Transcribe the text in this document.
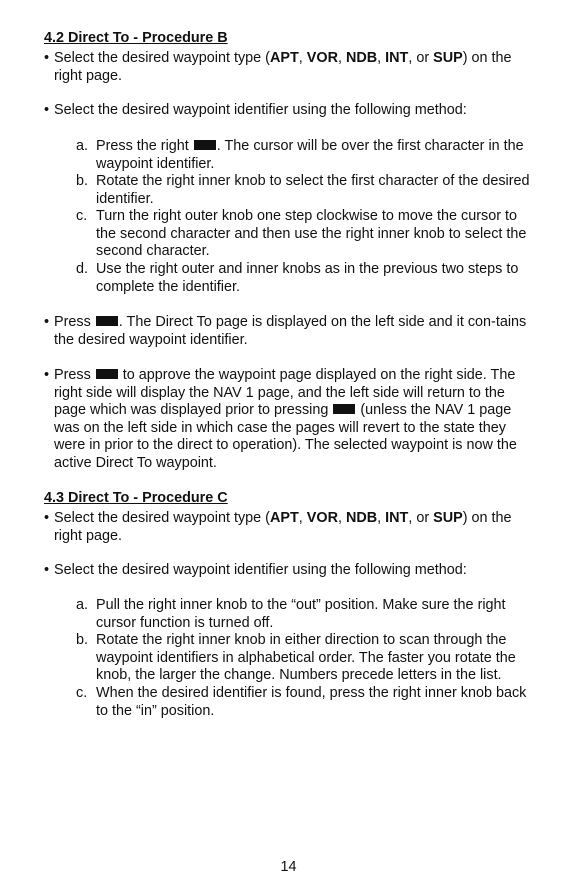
4.2 Direct To - Procedure B
• Select the desired waypoint type (APT, VOR, NDB, INT, or SUP) on the right page.
• Select the desired waypoint identifier using the following method:
a. Press the right . The cursor will be over the first character in the waypoint identifier.
b. Rotate the right inner knob to select the first character of the desired identifier.
c. Turn the right outer knob one step clockwise to move the cursor to the second character and then use the right inner knob to select the second character.
d. Use the right outer and inner knobs as in the previous two steps to complete the identifier.
• Press . The Direct To page is displayed on the left side and it con-tains the desired waypoint identifier.
• Press  to approve the waypoint page displayed on the right side. The right side will display the NAV 1 page, and the left side will return to the page which was displayed prior to pressing  (unless the NAV 1 page was on the left side in which case the pages will revert to the state they were in prior to the direct to operation). The selected waypoint is now the active Direct To waypoint.
4.3 Direct To - Procedure C
• Select the desired waypoint type (APT, VOR, NDB, INT, or SUP) on the right page.
• Select the desired waypoint identifier using the following method:
a. Pull the right inner knob to the “out” position. Make sure the right cursor function is turned off.
b. Rotate the right inner knob in either direction to scan through the waypoint identifiers in alphabetical order. The faster you rotate the knob, the larger the change. Numbers precede letters in the list.
c. When the desired identifier is found, press the right inner knob back to the “in” position.
14
